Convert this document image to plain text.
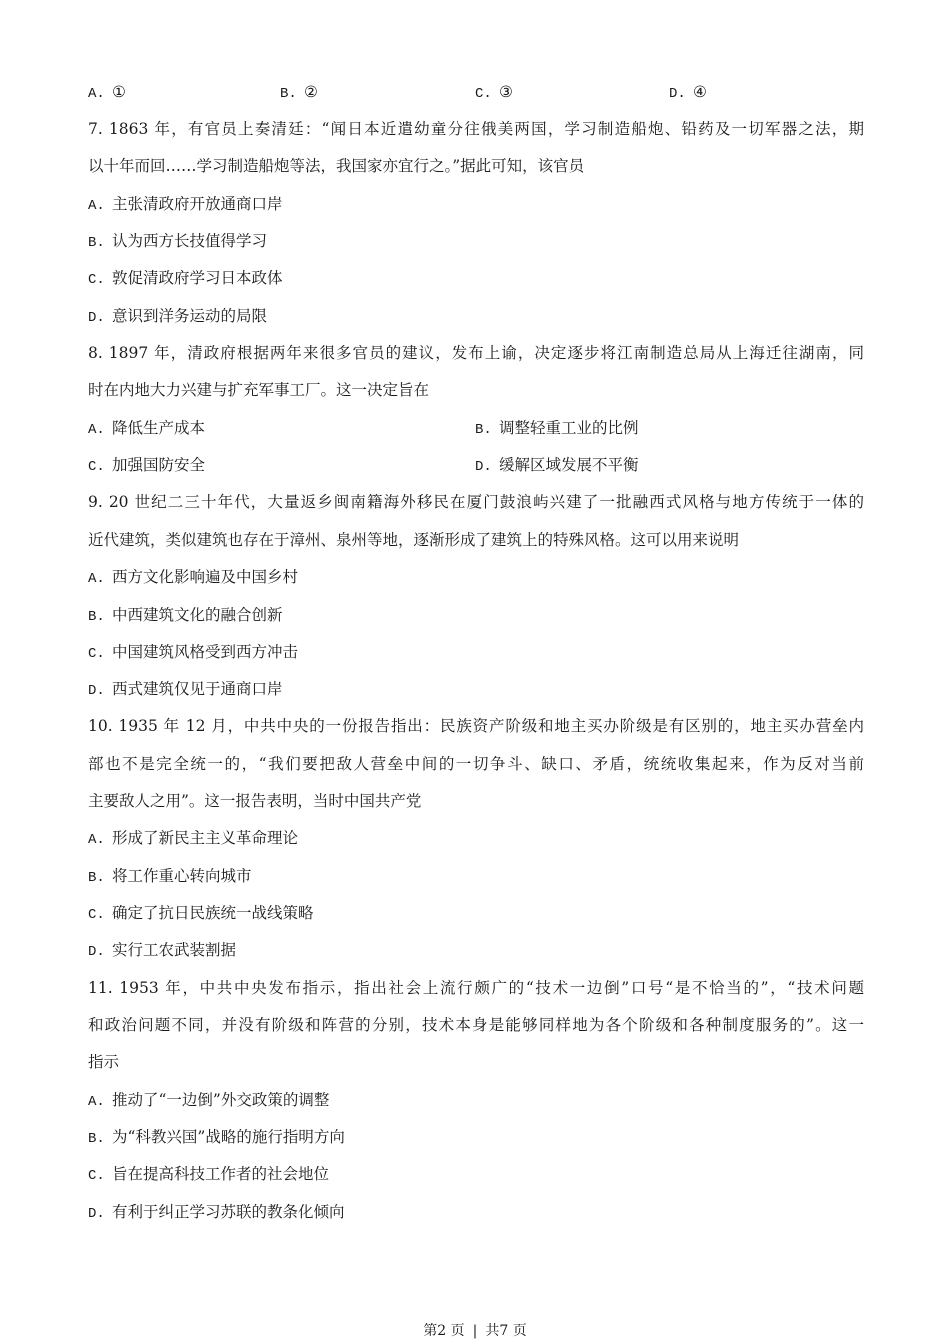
A. ①	B. ②	C. ③	D. ④
7. 1863 年，有官员上奏清廷：“闻日本近遣幼童分往俄美两国，学习制造船炮、铅药及一切军器之法，期
以十年而回……学习制造船炮等法，我国家亦宜行之。”据此可知，该官员
A. 主张清政府开放通商口岸
B. 认为西方长技值得学习
C. 敦促清政府学习日本政体
D. 意识到洋务运动的局限
8. 1897 年，清政府根据两年来很多官员的建议，发布上谕，决定逐步将江南制造总局从上海迁往湖南，同
时在内地大力兴建与扩充军事工厂。这一决定旨在
A. 降低生产成本	B. 调整轻重工业的比例
C. 加强国防安全	D. 缓解区域发展不平衡
9. 20 世纪二三十年代，大量返乡闽南籍海外移民在厦门鼓浪屿兴建了一批融西式风格与地方传统于一体的
近代建筑，类似建筑也存在于漳州、泉州等地，逐渐形成了建筑上的特殊风格。这可以用来说明
A. 西方文化影响遍及中国乡村
B. 中西建筑文化的融合创新
C. 中国建筑风格受到西方冲击
D. 西式建筑仅见于通商口岸
10. 1935 年 12 月，中共中央的一份报告指出：民族资产阶级和地主买办阶级是有区别的，地主买办营垒内
部也不是完全统一的，“我们要把敌人营垒中间的一切争斗、缺口、矛盾，统统收集起来，作为反对当前
主要敌人之用”。这一报告表明，当时中国共产党
A. 形成了新民主主义革命理论
B. 将工作重心转向城市
C. 确定了抗日民族统一战线策略
D. 实行工农武装割据
11. 1953 年，中共中央发布指示，指出社会上流行颇广的“技术一边倒”口号“是不恰当的”，“技术问题
和政治问题不同，并没有阶级和阵营的分别，技术本身是能够同样地为各个阶级和各种制度服务的”。这一
指示
A. 推动了“一边倒”外交政策的调整
B. 为“科教兴国”战略的施行指明方向
C. 旨在提高科技工作者的社会地位
D. 有利于纠正学习苏联的教条化倾向
第2 页 | 共7 页
